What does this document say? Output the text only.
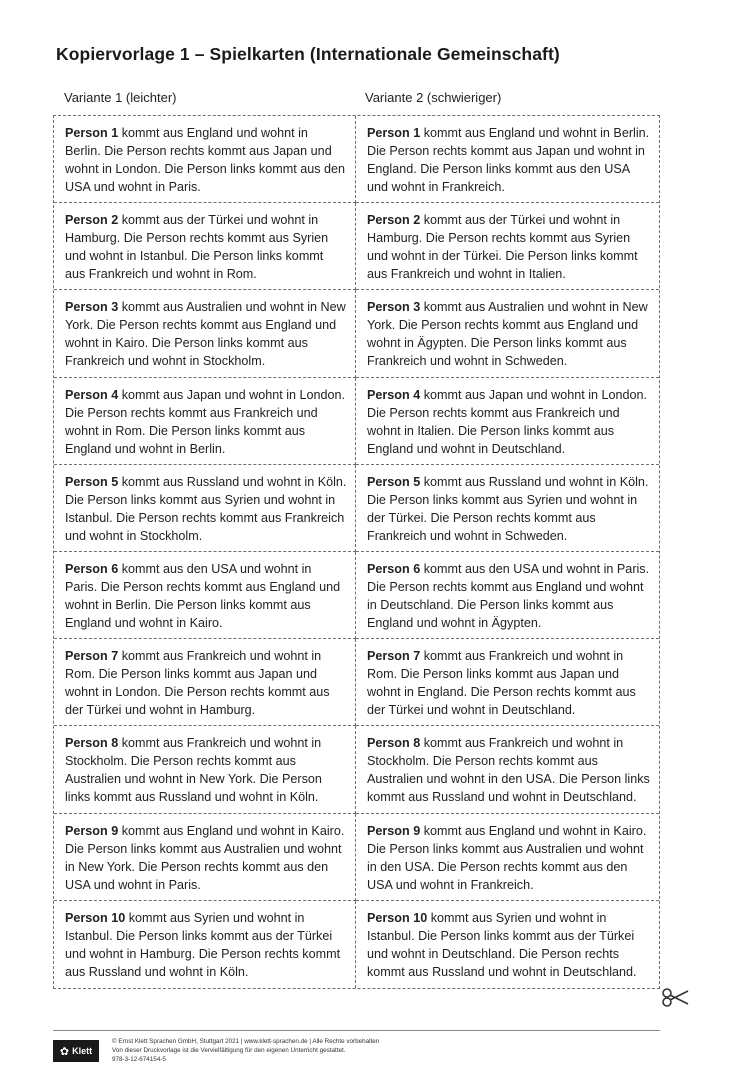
Kopiervorlage 1 – Spielkarten (Internationale Gemeinschaft)
Variante 1 (leichter)	Variante 2 (schwieriger)
Person 1 kommt aus England und wohnt in Berlin. Die Person rechts kommt aus Japan und wohnt in London. Die Person links kommt aus den USA und wohnt in Paris.
Person 1 kommt aus England und wohnt in Berlin. Die Person rechts kommt aus Japan und wohnt in England. Die Person links kommt aus den USA und wohnt in Frankreich.
Person 2 kommt aus der Türkei und wohnt in Hamburg. Die Person rechts kommt aus Syrien und wohnt in Istanbul. Die Person links kommt aus Frankreich und wohnt in Rom.
Person 2 kommt aus der Türkei und wohnt in Hamburg. Die Person rechts kommt aus Syrien und wohnt in der Türkei. Die Person links kommt aus Frankreich und wohnt in Italien.
Person 3 kommt aus Australien und wohnt in New York. Die Person rechts kommt aus England und wohnt in Kairo. Die Person links kommt aus Frankreich und wohnt in Stockholm.
Person 3 kommt aus Australien und wohnt in New York. Die Person rechts kommt aus England und wohnt in Ägypten. Die Person links kommt aus Frankreich und wohnt in Schweden.
Person 4 kommt aus Japan und wohnt in London. Die Person rechts kommt aus Frankreich und wohnt in Rom. Die Person links kommt aus England und wohnt in Berlin.
Person 4 kommt aus Japan und wohnt in London. Die Person rechts kommt aus Frankreich und wohnt in Italien. Die Person links kommt aus England und wohnt in Deutschland.
Person 5 kommt aus Russland und wohnt in Köln. Die Person links kommt aus Syrien und wohnt in Istanbul. Die Person rechts kommt aus Frankreich und wohnt in Stockholm.
Person 5 kommt aus Russland und wohnt in Köln. Die Person links kommt aus Syrien und wohnt in der Türkei. Die Person rechts kommt aus Frankreich und wohnt in Schweden.
Person 6 kommt aus den USA und wohnt in Paris. Die Person rechts kommt aus England und wohnt in Berlin. Die Person links kommt aus England und wohnt in Kairo.
Person 6 kommt aus den USA und wohnt in Paris. Die Person rechts kommt aus England und wohnt in Deutschland. Die Person links kommt aus England und wohnt in Ägypten.
Person 7 kommt aus Frankreich und wohnt in Rom. Die Person links kommt aus Japan und wohnt in London. Die Person rechts kommt aus der Türkei und wohnt in Hamburg.
Person 7 kommt aus Frankreich und wohnt in Rom. Die Person links kommt aus Japan und wohnt in England. Die Person rechts kommt aus der Türkei und wohnt in Deutschland.
Person 8 kommt aus Frankreich und wohnt in Stockholm. Die Person rechts kommt aus Australien und wohnt in New York. Die Person links kommt aus Russland und wohnt in Köln.
Person 8 kommt aus Frankreich und wohnt in Stockholm. Die Person rechts kommt aus Australien und wohnt in den USA. Die Person links kommt aus Russland und wohnt in Deutschland.
Person 9 kommt aus England und wohnt in Kairo. Die Person links kommt aus Australien und wohnt in New York. Die Person rechts kommt aus den USA und wohnt in Paris.
Person 9 kommt aus England und wohnt in Kairo. Die Person links kommt aus Australien und wohnt in den USA. Die Person rechts kommt aus den USA und wohnt in Frankreich.
Person 10 kommt aus Syrien und wohnt in Istanbul. Die Person links kommt aus der Türkei und wohnt in Hamburg. Die Person rechts kommt aus Russland und wohnt in Köln.
Person 10 kommt aus Syrien und wohnt in Istanbul. Die Person links kommt aus der Türkei und wohnt in Deutschland. Die Person rechts kommt aus Russland und wohnt in Deutschland.
✿ Klett
© Ernst Klett Sprachen GmbH, Stuttgart 2021 | www.klett-sprachen.de | Alle Rechte vorbehalten
Von dieser Druckvorlage ist die Vervielfältigung für den eigenen Unterricht gestattet.
978-3-12-674154-5
